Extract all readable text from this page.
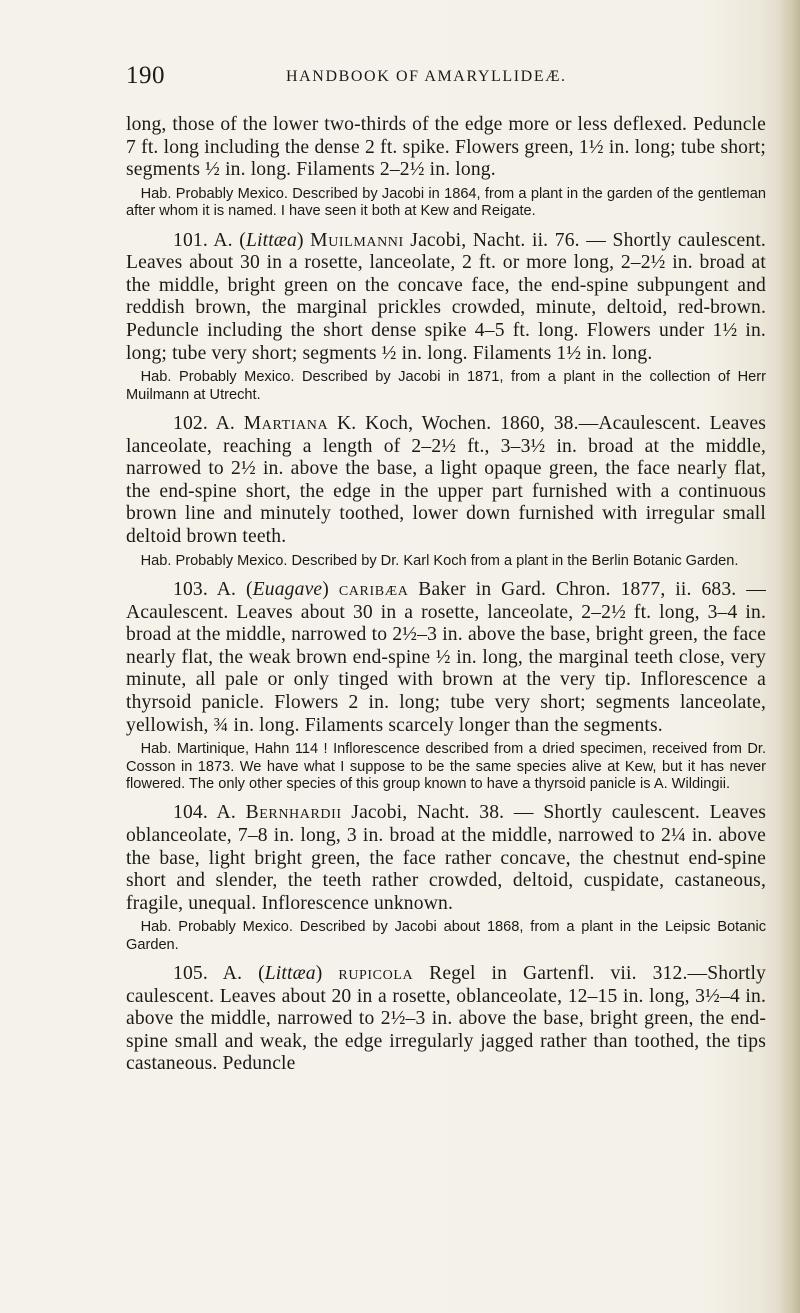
190	HANDBOOK OF AMARYLLIDEÆ.

long, those of the lower two-thirds of the edge more or less deflexed. Peduncle 7 ft. long including the dense 2 ft. spike. Flowers green, 1½ in. long; tube short; segments ½ in. long. Filaments 2–2½ in. long.

Hab. Probably Mexico. Described by Jacobi in 1864, from a plant in the garden of the gentleman after whom it is named. I have seen it both at Kew and Reigate.

101. A. (Littæa) Muilmanni Jacobi, Nacht. ii. 76. — Shortly caulescent. Leaves about 30 in a rosette, lanceolate, 2 ft. or more long, 2–2½ in. broad at the middle, bright green on the concave face, the end-spine subpungent and reddish brown, the marginal prickles crowded, minute, deltoid, red-brown. Peduncle including the short dense spike 4–5 ft. long. Flowers under 1½ in. long; tube very short; segments ½ in. long. Filaments 1½ in. long.

Hab. Probably Mexico. Described by Jacobi in 1871, from a plant in the collection of Herr Muilmann at Utrecht.

102. A. Martiana K. Koch, Wochen. 1860, 38.—Acaulescent. Leaves lanceolate, reaching a length of 2–2½ ft., 3–3½ in. broad at the middle, narrowed to 2½ in. above the base, a light opaque green, the face nearly flat, the end-spine short, the edge in the upper part furnished with a continuous brown line and minutely toothed, lower down furnished with irregular small deltoid brown teeth.

Hab. Probably Mexico. Described by Dr. Karl Koch from a plant in the Berlin Botanic Garden.

103. A. (Euagave) caribæa Baker in Gard. Chron. 1877, ii. 683. —Acaulescent. Leaves about 30 in a rosette, lanceolate, 2–2½ ft. long, 3–4 in. broad at the middle, narrowed to 2½–3 in. above the base, bright green, the face nearly flat, the weak brown end-spine ½ in. long, the marginal teeth close, very minute, all pale or only tinged with brown at the very tip. Inflorescence a thyrsoid panicle. Flowers 2 in. long; tube very short; segments lanceolate, yellowish, ¾ in. long. Filaments scarcely longer than the segments.

Hab. Martinique, Hahn 114 ! Inflorescence described from a dried specimen, received from Dr. Cosson in 1873. We have what I suppose to be the same species alive at Kew, but it has never flowered. The only other species of this group known to have a thyrsoid panicle is A. Wildingii.

104. A. Bernhardii Jacobi, Nacht. 38. — Shortly caulescent. Leaves oblanceolate, 7–8 in. long, 3 in. broad at the middle, narrowed to 2¼ in. above the base, light bright green, the face rather concave, the chestnut end-spine short and slender, the teeth rather crowded, deltoid, cuspidate, castaneous, fragile, unequal. Inflorescence unknown.

Hab. Probably Mexico. Described by Jacobi about 1868, from a plant in the Leipsic Botanic Garden.

105. A. (Littæa) rupicola Regel in Gartenfl. vii. 312.—Shortly caulescent. Leaves about 20 in a rosette, oblanceolate, 12–15 in. long, 3½–4 in. above the middle, narrowed to 2½–3 in. above the base, bright green, the end-spine small and weak, the edge irregularly jagged rather than toothed, the tips castaneous. Peduncle
